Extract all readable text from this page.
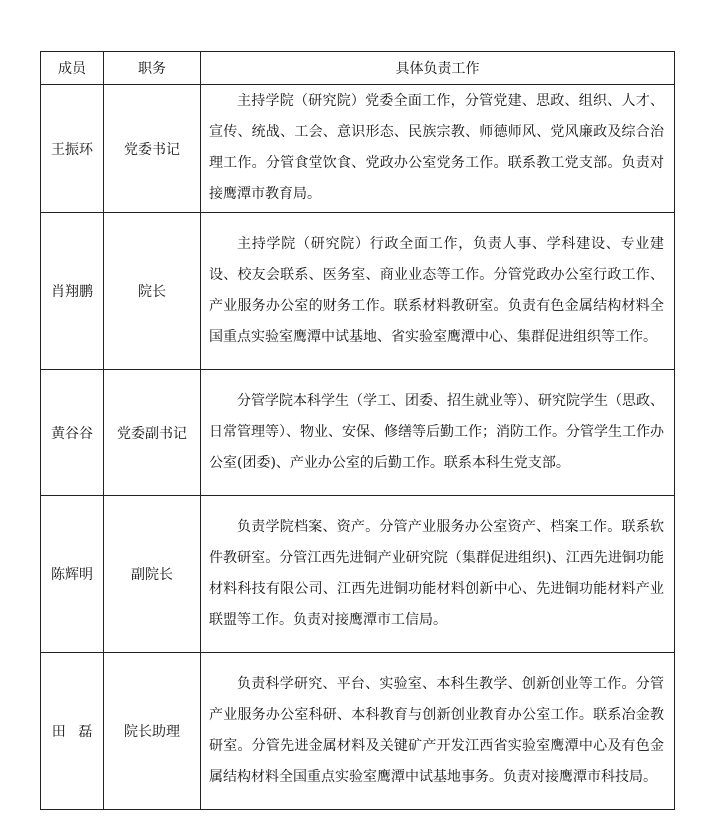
成员	职务	具体负责工作
王振环	党委书记	主持学院（研究院）党委全面工作，分管党建、思政、组织、人才、宣传、统战、工会、意识形态、民族宗教、师德师风、党风廉政及综合治理工作。分管食堂饮食、党政办公室党务工作。联系教工党支部。负责对接鹰潭市教育局。
肖翔鹏	院长	主持学院（研究院）行政全面工作，负责人事、学科建设、专业建设、校友会联系、医务室、商业业态等工作。分管党政办公室行政工作、产业服务办公室的财务工作。联系材料教研室。负责有色金属结构材料全国重点实验室鹰潭中试基地、省实验室鹰潭中心、集群促进组织等工作。
黄谷谷	党委副书记	分管学院本科学生（学工、团委、招生就业等）、研究院学生（思政、日常管理等）、物业、安保、修缮等后勤工作；消防工作。分管学生工作办公室(团委)、产业办公室的后勤工作。联系本科生党支部。
陈辉明	副院长	负责学院档案、资产。分管产业服务办公室资产、档案工作。联系软件教研室。分管江西先进铜产业研究院（集群促进组织)、江西先进铜功能材料科技有限公司、江西先进铜功能材料创新中心、先进铜功能材料产业联盟等工作。负责对接鹰潭市工信局。
田磊	院长助理	负责科学研究、平台、实验室、本科生教学、创新创业等工作。分管产业服务办公室科研、本科教育与创新创业教育办公室工作。联系冶金教研室。分管先进金属材料及关键矿产开发江西省实验室鹰潭中心及有色金属结构材料全国重点实验室鹰潭中试基地事务。负责对接鹰潭市科技局。
